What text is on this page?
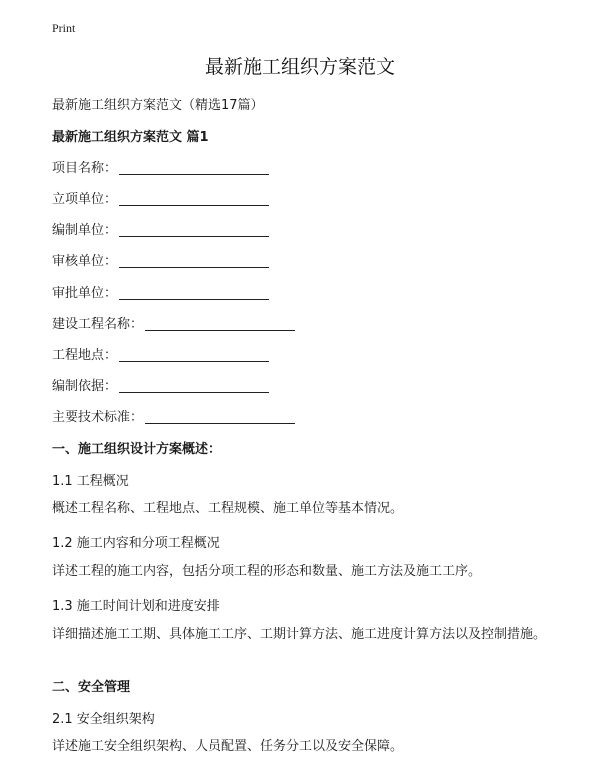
Print
最新施工组织方案范文
最新施工组织方案范文（精选17篇）
最新施工组织方案范文 篇1
项目名称：
立项单位：
编制单位：
审核单位：
审批单位：
建设工程名称：
工程地点：
编制依据：
主要技术标准：
一、施工组织设计方案概述：
1.1 工程概况
概述工程名称、工程地点、工程规模、施工单位等基本情况。
1.2 施工内容和分项工程概况
详述工程的施工内容，包括分项工程的形态和数量、施工方法及施工工序。
1.3 施工时间计划和进度安排
详细描述施工工期、具体施工工序、工期计算方法、施工进度计算方法以及控制措施。
二、安全管理
2.1 安全组织架构
详述施工安全组织架构、人员配置、任务分工以及安全保障。
